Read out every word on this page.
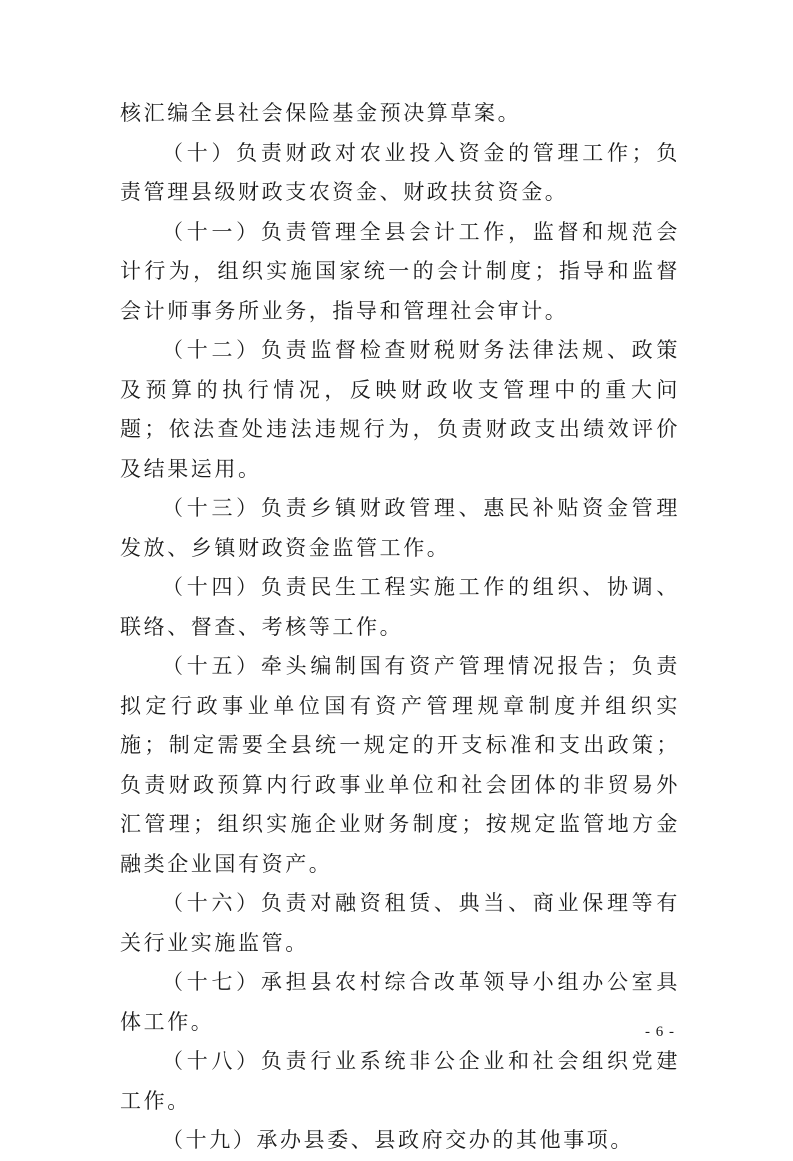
核汇编全县社会保险基金预决算草案。

（十）负责财政对农业投入资金的管理工作；负责管理县级财政支农资金、财政扶贫资金。

（十一）负责管理全县会计工作，监督和规范会计行为，组织实施国家统一的会计制度；指导和监督会计师事务所业务，指导和管理社会审计。

（十二）负责监督检查财税财务法律法规、政策及预算的执行情况，反映财政收支管理中的重大问题；依法查处违法违规行为，负责财政支出绩效评价及结果运用。

（十三）负责乡镇财政管理、惠民补贴资金管理发放、乡镇财政资金监管工作。

（十四）负责民生工程实施工作的组织、协调、联络、督查、考核等工作。

（十五）牵头编制国有资产管理情况报告；负责拟定行政事业单位国有资产管理规章制度并组织实施；制定需要全县统一规定的开支标准和支出政策；负责财政预算内行政事业单位和社会团体的非贸易外汇管理；组织实施企业财务制度；按规定监管地方金融类企业国有资产。

（十六）负责对融资租赁、典当、商业保理等有关行业实施监管。

（十七）承担县农村综合改革领导小组办公室具体工作。

（十八）负责行业系统非公企业和社会组织党建工作。

（十九）承办县委、县政府交办的其他事项。

- 6 -
